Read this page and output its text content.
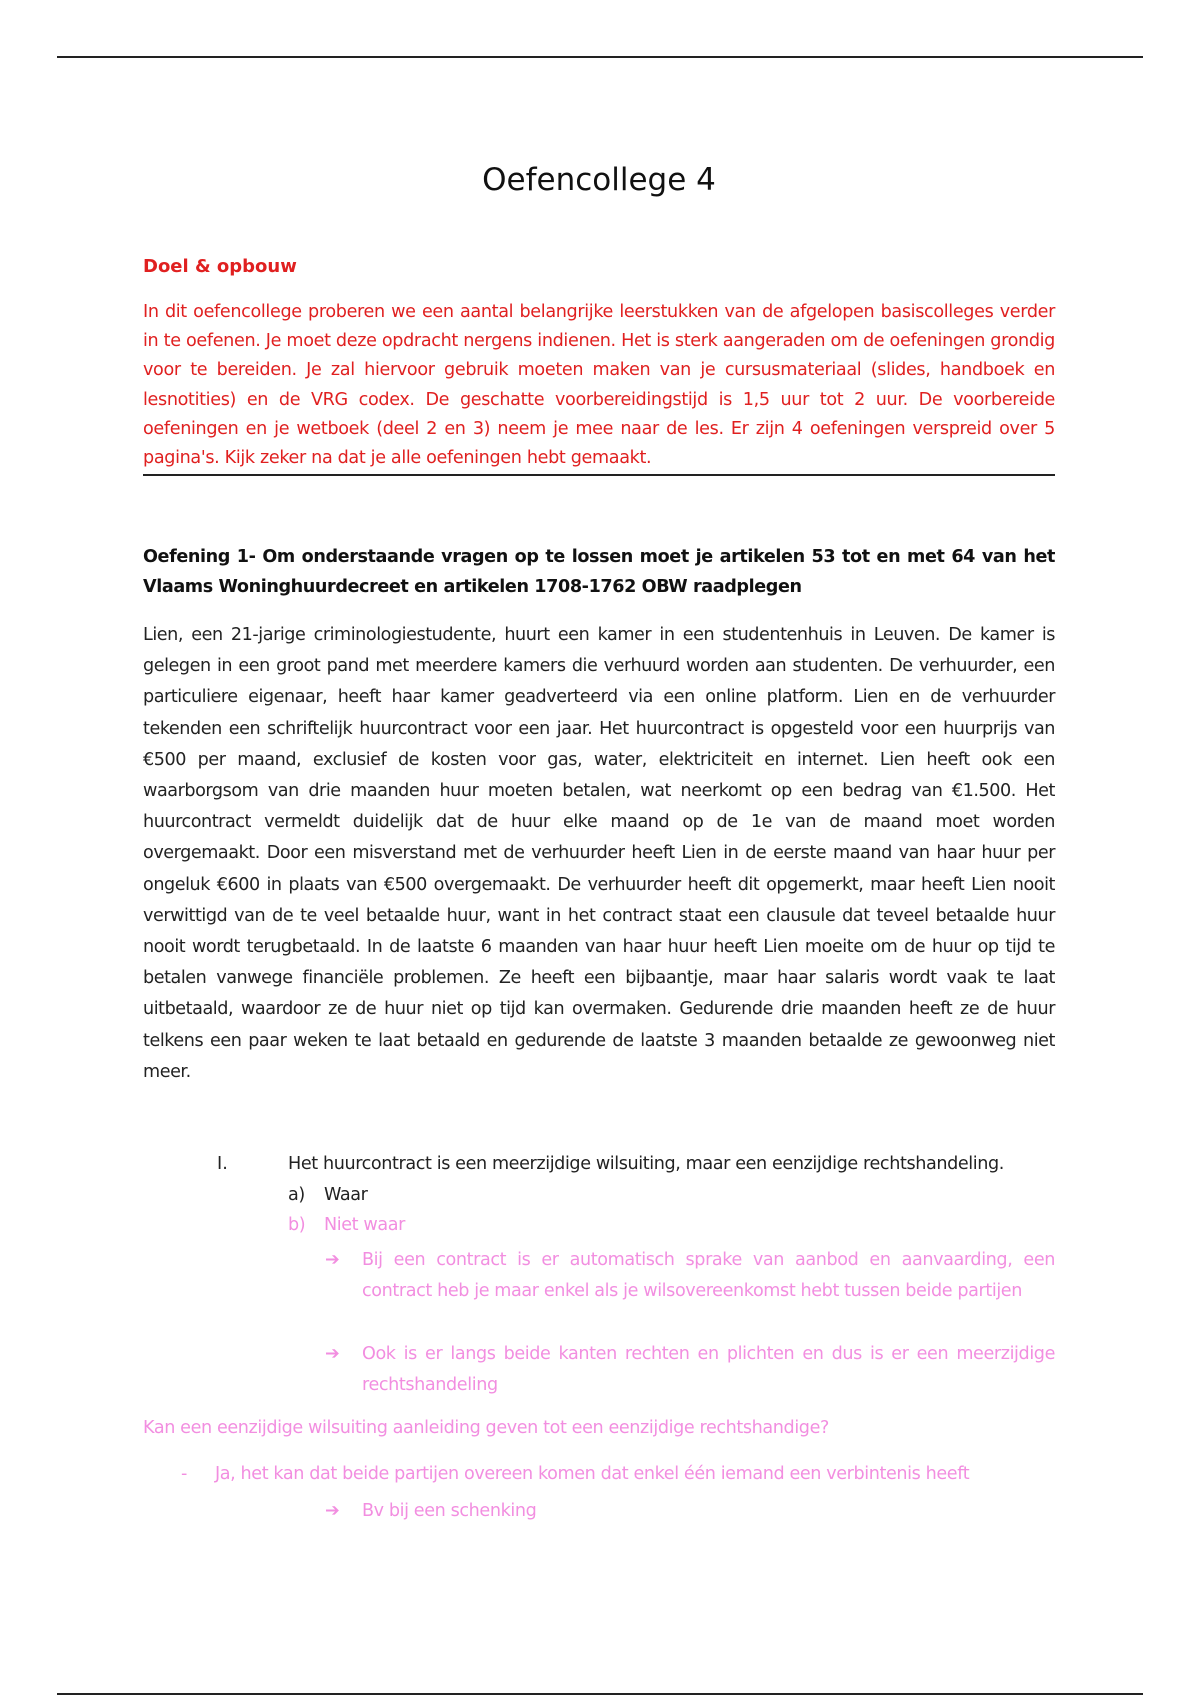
Oefencollege 4

Doel & opbouw

In dit oefencollege proberen we een aantal belangrijke leerstukken van de afgelopen basiscolleges verder in te oefenen. Je moet deze opdracht nergens indienen. Het is sterk aangeraden om de oefeningen grondig voor te bereiden. Je zal hiervoor gebruik moeten maken van je cursusmateriaal (slides, handboek en lesnotities) en de VRG codex. De geschatte voorbereidingstijd is 1,5 uur tot 2 uur. De voorbereide oefeningen en je wetboek (deel 2 en 3) neem je mee naar de les. Er zijn 4 oefeningen verspreid over 5 pagina's. Kijk zeker na dat je alle oefeningen hebt gemaakt.

Oefening 1- Om onderstaande vragen op te lossen moet je artikelen 53 tot en met 64 van het Vlaams Woninghuurdecreet en artikelen 1708-1762 OBW raadplegen

Lien, een 21-jarige criminologiestudente, huurt een kamer in een studentenhuis in Leuven. De kamer is gelegen in een groot pand met meerdere kamers die verhuurd worden aan studenten. De verhuurder, een particuliere eigenaar, heeft haar kamer geadverteerd via een online platform. Lien en de verhuurder tekenden een schriftelijk huurcontract voor een jaar. Het huurcontract is opgesteld voor een huurprijs van €500 per maand, exclusief de kosten voor gas, water, elektriciteit en internet. Lien heeft ook een waarborgsom van drie maanden huur moeten betalen, wat neerkomt op een bedrag van €1.500. Het huurcontract vermeldt duidelijk dat de huur elke maand op de 1e van de maand moet worden overgemaakt. Door een misverstand met de verhuurder heeft Lien in de eerste maand van haar huur per ongeluk €600 in plaats van €500 overgemaakt. De verhuurder heeft dit opgemerkt, maar heeft Lien nooit verwittigd van de te veel betaalde huur, want in het contract staat een clausule dat teveel betaalde huur nooit wordt terugbetaald. In de laatste 6 maanden van haar huur heeft Lien moeite om de huur op tijd te betalen vanwege financiële problemen. Ze heeft een bijbaantje, maar haar salaris wordt vaak te laat uitbetaald, waardoor ze de huur niet op tijd kan overmaken. Gedurende drie maanden heeft ze de huur telkens een paar weken te laat betaald en gedurende de laatste 3 maanden betaalde ze gewoonweg niet meer.

I.	Het huurcontract is een meerzijdige wilsuiting, maar een eenzijdige rechtshandeling.

a) Waar

b) Niet waar

➔	Bij een contract is er automatisch sprake van aanbod en aanvaarding, een contract heb je maar enkel als je wilsovereenkomst hebt tussen beide partijen
➔	Ook is er langs beide kanten rechten en plichten en dus is er een meerzijdige rechtshandeling

Kan een eenzijdige wilsuiting aanleiding geven tot een eenzijdige rechtshandige?

- Ja, het kan dat beide partijen overeen komen dat enkel één iemand een verbintenis heeft

➔	Bv bij een schenking
